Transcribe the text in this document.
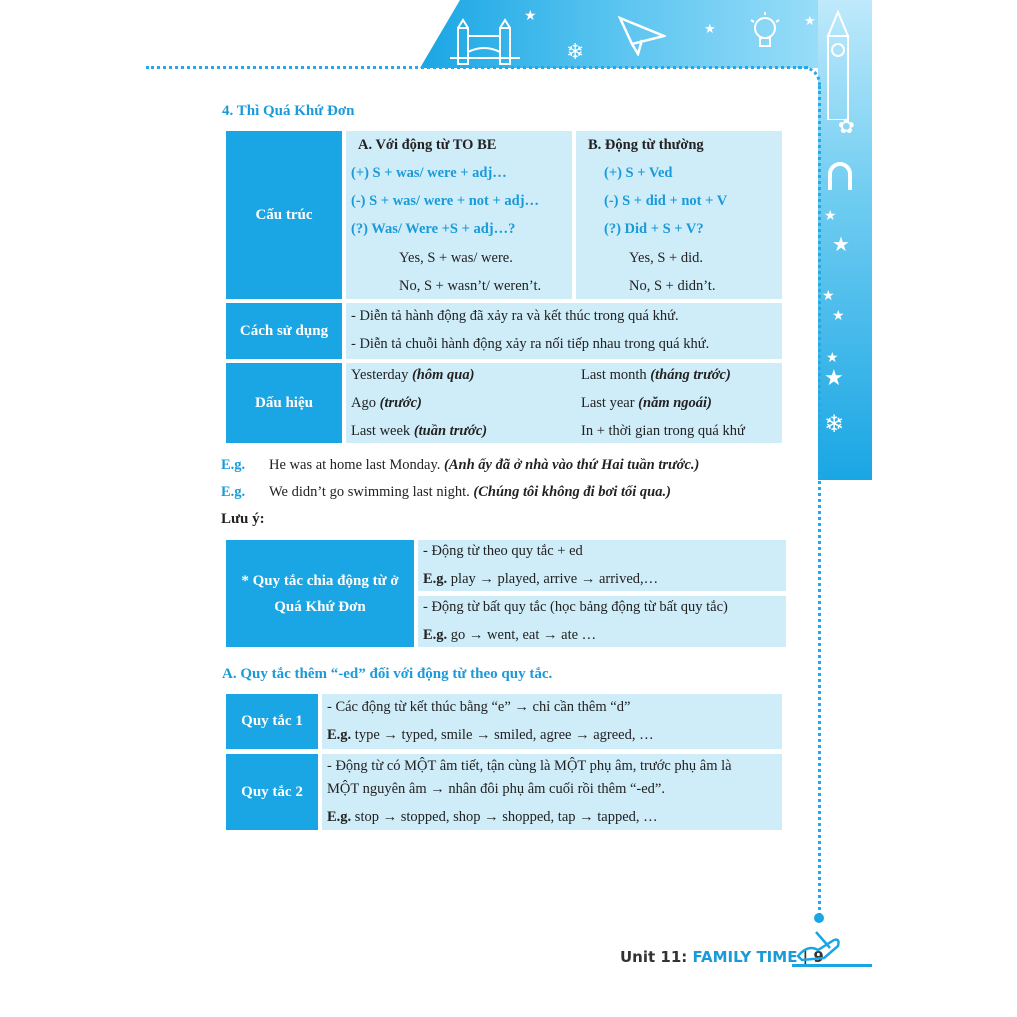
★
❄
★
★
✿
★
★
★
★
★
★
❄
4. Thì Quá Khứ Đơn
Cấu trúc
A. Với động từ TO BE
(+) S + was/ were + adj…
(-) S + was/ were + not + adj…
(?) Was/ Were +S + adj…?
Yes, S + was/ were.
No, S + wasn’t/ weren’t.
B. Động từ thường
(+) S + Ved
(-) S + did + not + V
(?) Did + S + V?
Yes, S + did.
No, S + didn’t.
Cách sử dụng
- Diễn tả hành động đã xảy ra và kết thúc trong quá khứ.
- Diễn tả chuỗi hành động xảy ra nối tiếp nhau trong quá khứ.
Dấu hiệu
Yesterday (hôm qua)
Ago (trước)
Last week (tuần trước)
Last month (tháng trước)
Last year (năm ngoái)
In + thời gian trong quá khứ
E.g. He was at home last Monday. (Anh ấy đã ở nhà vào thứ Hai tuần trước.)
E.g. We didn’t go swimming last night. (Chúng tôi không đi bơi tối qua.)
Lưu ý:
* Quy tắc chia động từ ở
Quá Khứ Đơn
- Động từ theo quy tắc + ed
E.g. play → played, arrive → arrived,…
- Động từ bất quy tắc (học bảng động từ bất quy tắc)
E.g. go → went, eat → ate …
A. Quy tắc thêm “-ed” đối với động từ theo quy tắc.
Quy tắc 1
- Các động từ kết thúc bằng “e” → chỉ cần thêm “d”
E.g. type → typed, smile → smiled, agree → agreed, …
Quy tắc 2
- Động từ có MỘT âm tiết, tận cùng là MỘT phụ âm, trước phụ âm là
MỘT nguyên âm → nhân đôi phụ âm cuối rồi thêm “-ed”.
E.g. stop → stopped, shop → shopped, tap → tapped, …
Unit 11: FAMILY TIME | 9
